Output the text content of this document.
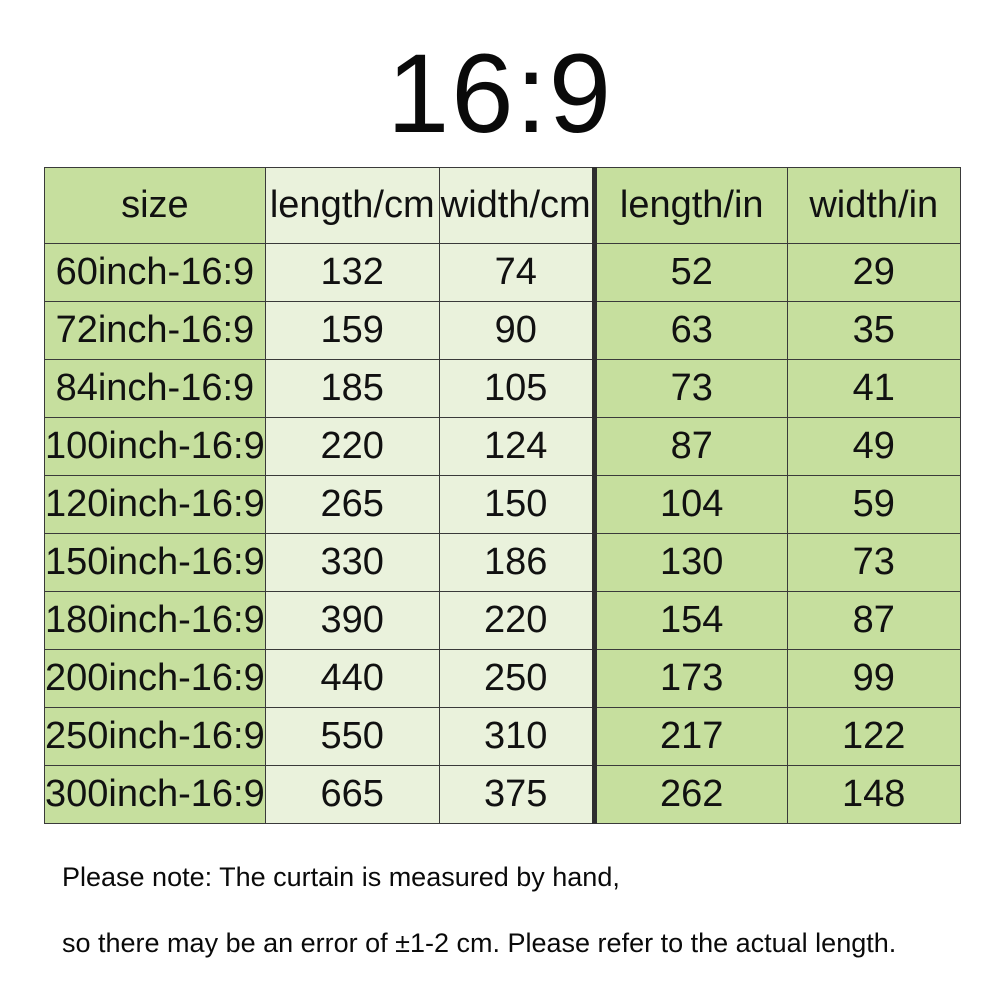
16:9
size	length/cm	width/cm	length/in	width/in
60inch-16:9	132	74	52	29
72inch-16:9	159	90	63	35
84inch-16:9	185	105	73	41
100inch-16:9	220	124	87	49
120inch-16:9	265	150	104	59
150inch-16:9	330	186	130	73
180inch-16:9	390	220	154	87
200inch-16:9	440	250	173	99
250inch-16:9	550	310	217	122
300inch-16:9	665	375	262	148
Please note: The curtain is measured by hand,
so there may be an error of ±1-2 cm. Please refer to the actual length.
